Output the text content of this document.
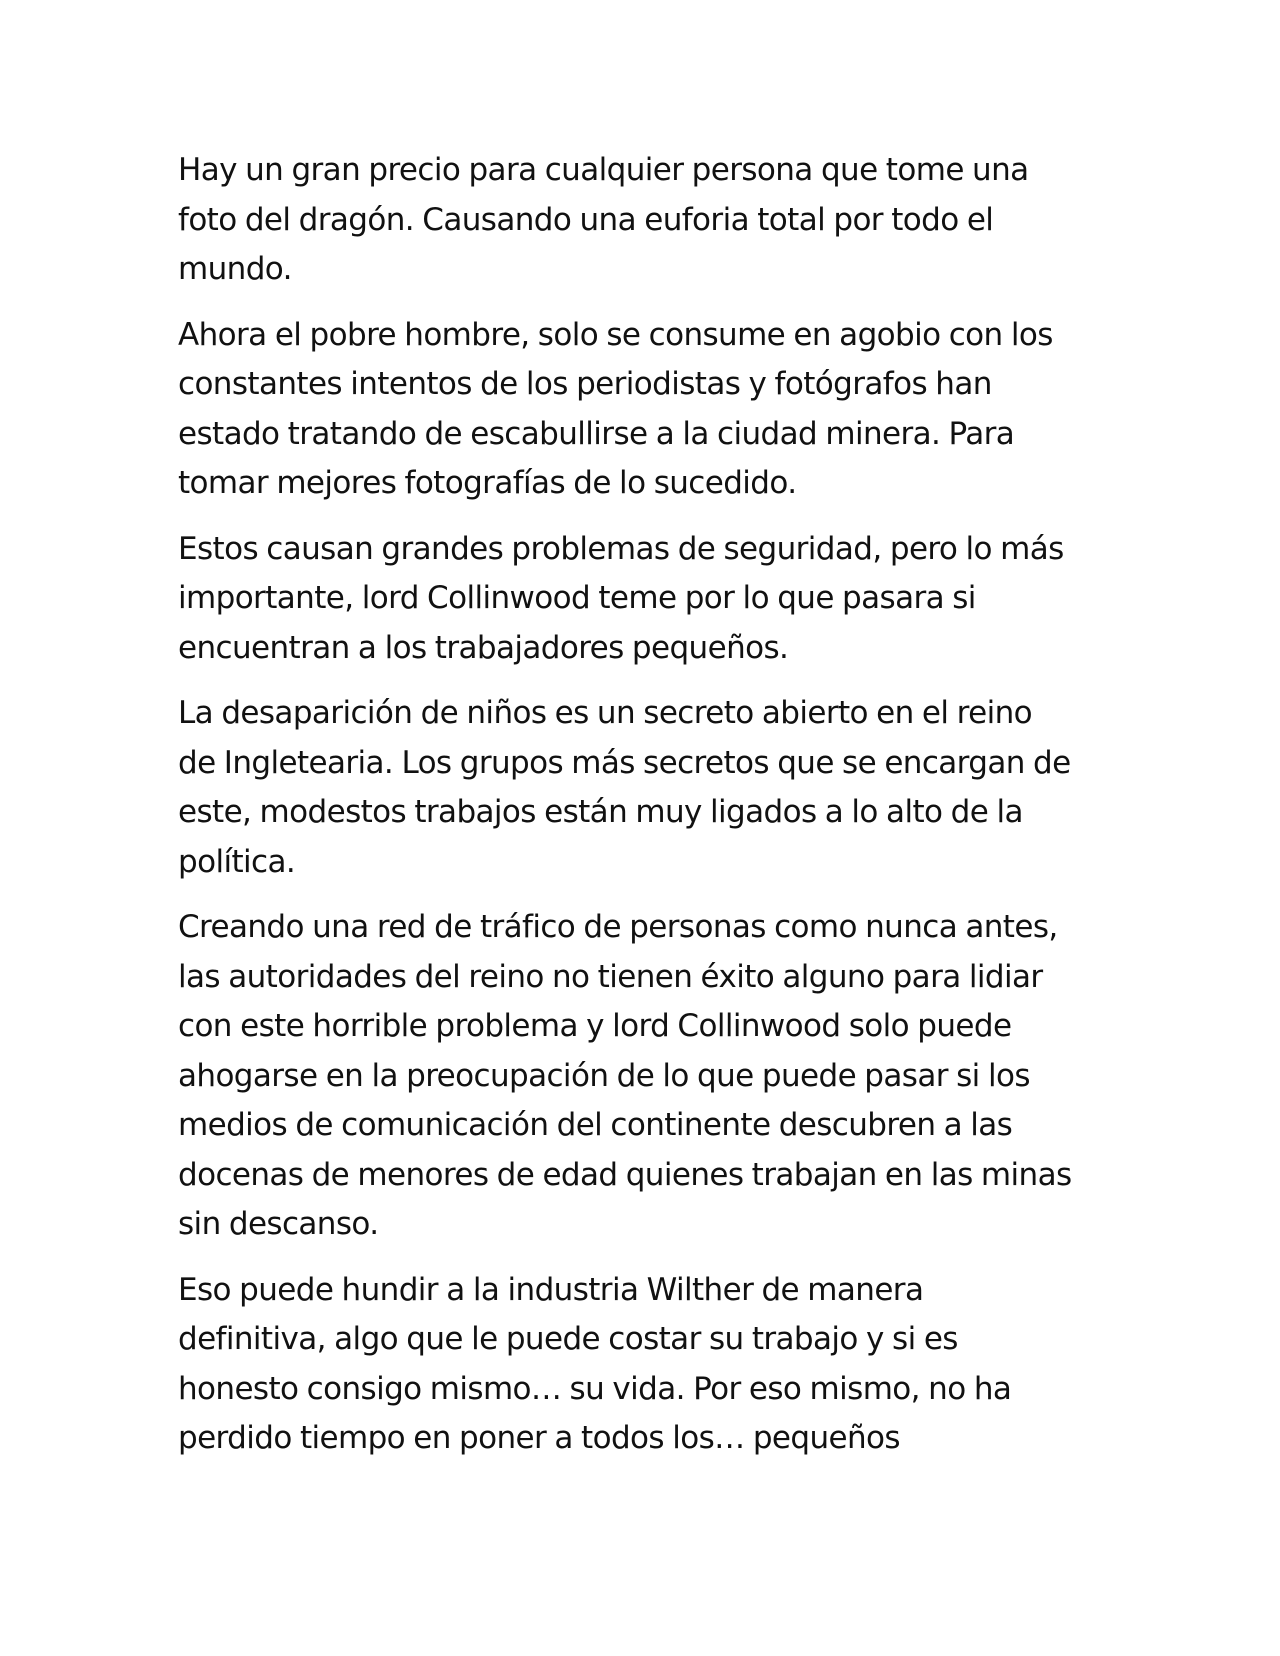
Hay un gran precio para cualquier persona que tome una
foto del dragón. Causando una euforia total por todo el
mundo.

Ahora el pobre hombre, solo se consume en agobio con los
constantes intentos de los periodistas y fotógrafos han
estado tratando de escabullirse a la ciudad minera. Para
tomar mejores fotografías de lo sucedido.

Estos causan grandes problemas de seguridad, pero lo más
importante, lord Collinwood teme por lo que pasara si
encuentran a los trabajadores pequeños.

La desaparición de niños es un secreto abierto en el reino
de Ingletearia. Los grupos más secretos que se encargan de
este, modestos trabajos están muy ligados a lo alto de la
política.

Creando una red de tráfico de personas como nunca antes,
las autoridades del reino no tienen éxito alguno para lidiar
con este horrible problema y lord Collinwood solo puede
ahogarse en la preocupación de lo que puede pasar si los
medios de comunicación del continente descubren a las
docenas de menores de edad quienes trabajan en las minas
sin descanso.

Eso puede hundir a la industria Wilther de manera
definitiva, algo que le puede costar su trabajo y si es
honesto consigo mismo… su vida. Por eso mismo, no ha
perdido tiempo en poner a todos los… pequeños
